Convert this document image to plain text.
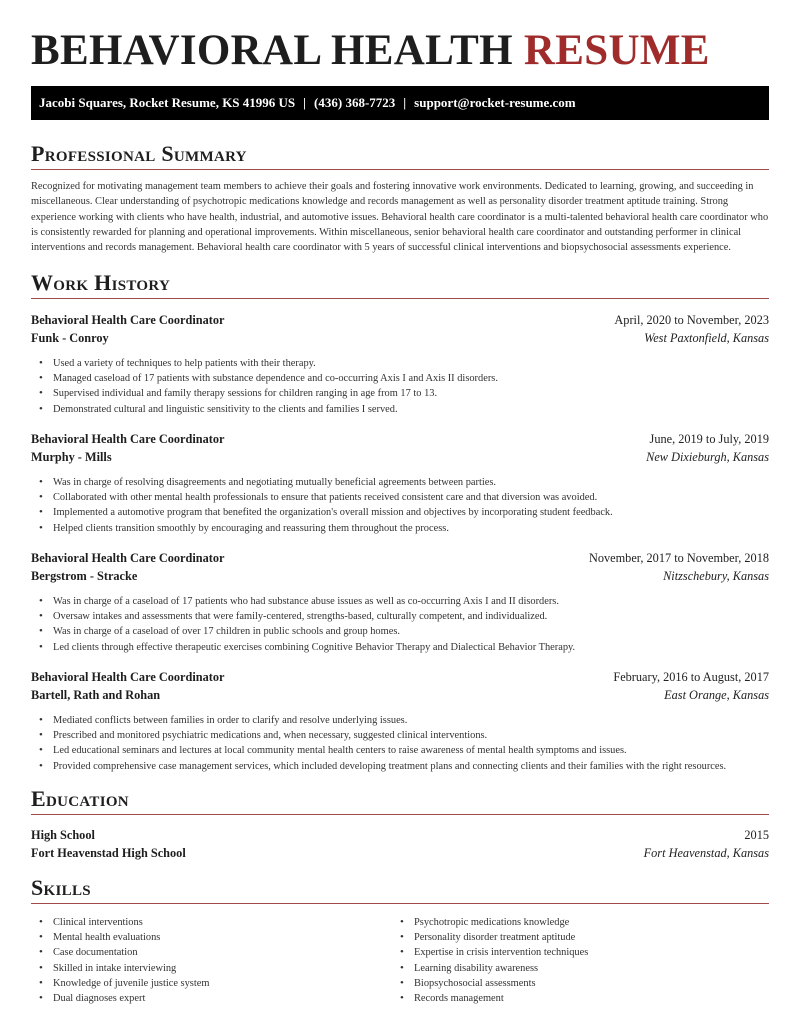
BEHAVIORAL HEALTH RESUME
Jacobi Squares, Rocket Resume, KS 41996 US | (436) 368-7723 | support@rocket-resume.com
Professional Summary

Recognized for motivating management team members to achieve their goals and fostering innovative work environments. Dedicated to learning, growing, and succeeding in miscellaneous. Clear understanding of psychotropic medications knowledge and records management as well as personality disorder treatment aptitude training. Strong experience working with clients who have health, industrial, and automotive issues. Behavioral health care coordinator is a multi-talented behavioral health care coordinator who is consistently rewarded for planning and operational improvements. Within miscellaneous, senior behavioral health care coordinator and outstanding performer in clinical interventions and records management. Behavioral health care coordinator with 5 years of successful clinical interventions and biopsychosocial assessments experience.

Work History
Behavioral Health Care Coordinator	April, 2020 to November, 2023
Funk - Conroy	West Paxtonfield, Kansas
• Used a variety of techniques to help patients with their therapy.
• Managed caseload of 17 patients with substance dependence and co-occurring Axis I and Axis II disorders.
• Supervised individual and family therapy sessions for children ranging in age from 17 to 13.
• Demonstrated cultural and linguistic sensitivity to the clients and families I served.
Behavioral Health Care Coordinator	June, 2019 to July, 2019
Murphy - Mills	New Dixieburgh, Kansas
• Was in charge of resolving disagreements and negotiating mutually beneficial agreements between parties.
• Collaborated with other mental health professionals to ensure that patients received consistent care and that diversion was avoided.
• Implemented a automotive program that benefited the organization's overall mission and objectives by incorporating student feedback.
• Helped clients transition smoothly by encouraging and reassuring them throughout the process.
Behavioral Health Care Coordinator	November, 2017 to November, 2018
Bergstrom - Stracke	Nitzschebury, Kansas
• Was in charge of a caseload of 17 patients who had substance abuse issues as well as co-occurring Axis I and II disorders.
• Oversaw intakes and assessments that were family-centered, strengths-based, culturally competent, and individualized.
• Was in charge of a caseload of over 17 children in public schools and group homes.
• Led clients through effective therapeutic exercises combining Cognitive Behavior Therapy and Dialectical Behavior Therapy.
Behavioral Health Care Coordinator	February, 2016 to August, 2017
Bartell, Rath and Rohan	East Orange, Kansas
• Mediated conflicts between families in order to clarify and resolve underlying issues.
• Prescribed and monitored psychiatric medications and, when necessary, suggested clinical interventions.
• Led educational seminars and lectures at local community mental health centers to raise awareness of mental health symptoms and issues.
• Provided comprehensive case management services, which included developing treatment plans and connecting clients and their families with the right resources.
Education
High School	2015
Fort Heavenstad High School	Fort Heavenstad, Kansas
Skills
• Clinical interventions
• Mental health evaluations
• Case documentation
• Skilled in intake interviewing
• Knowledge of juvenile justice system
• Dual diagnoses expert
• Psychotropic medications knowledge
• Personality disorder treatment aptitude
• Expertise in crisis intervention techniques
• Learning disability awareness
• Biopsychosocial assessments
• Records management
